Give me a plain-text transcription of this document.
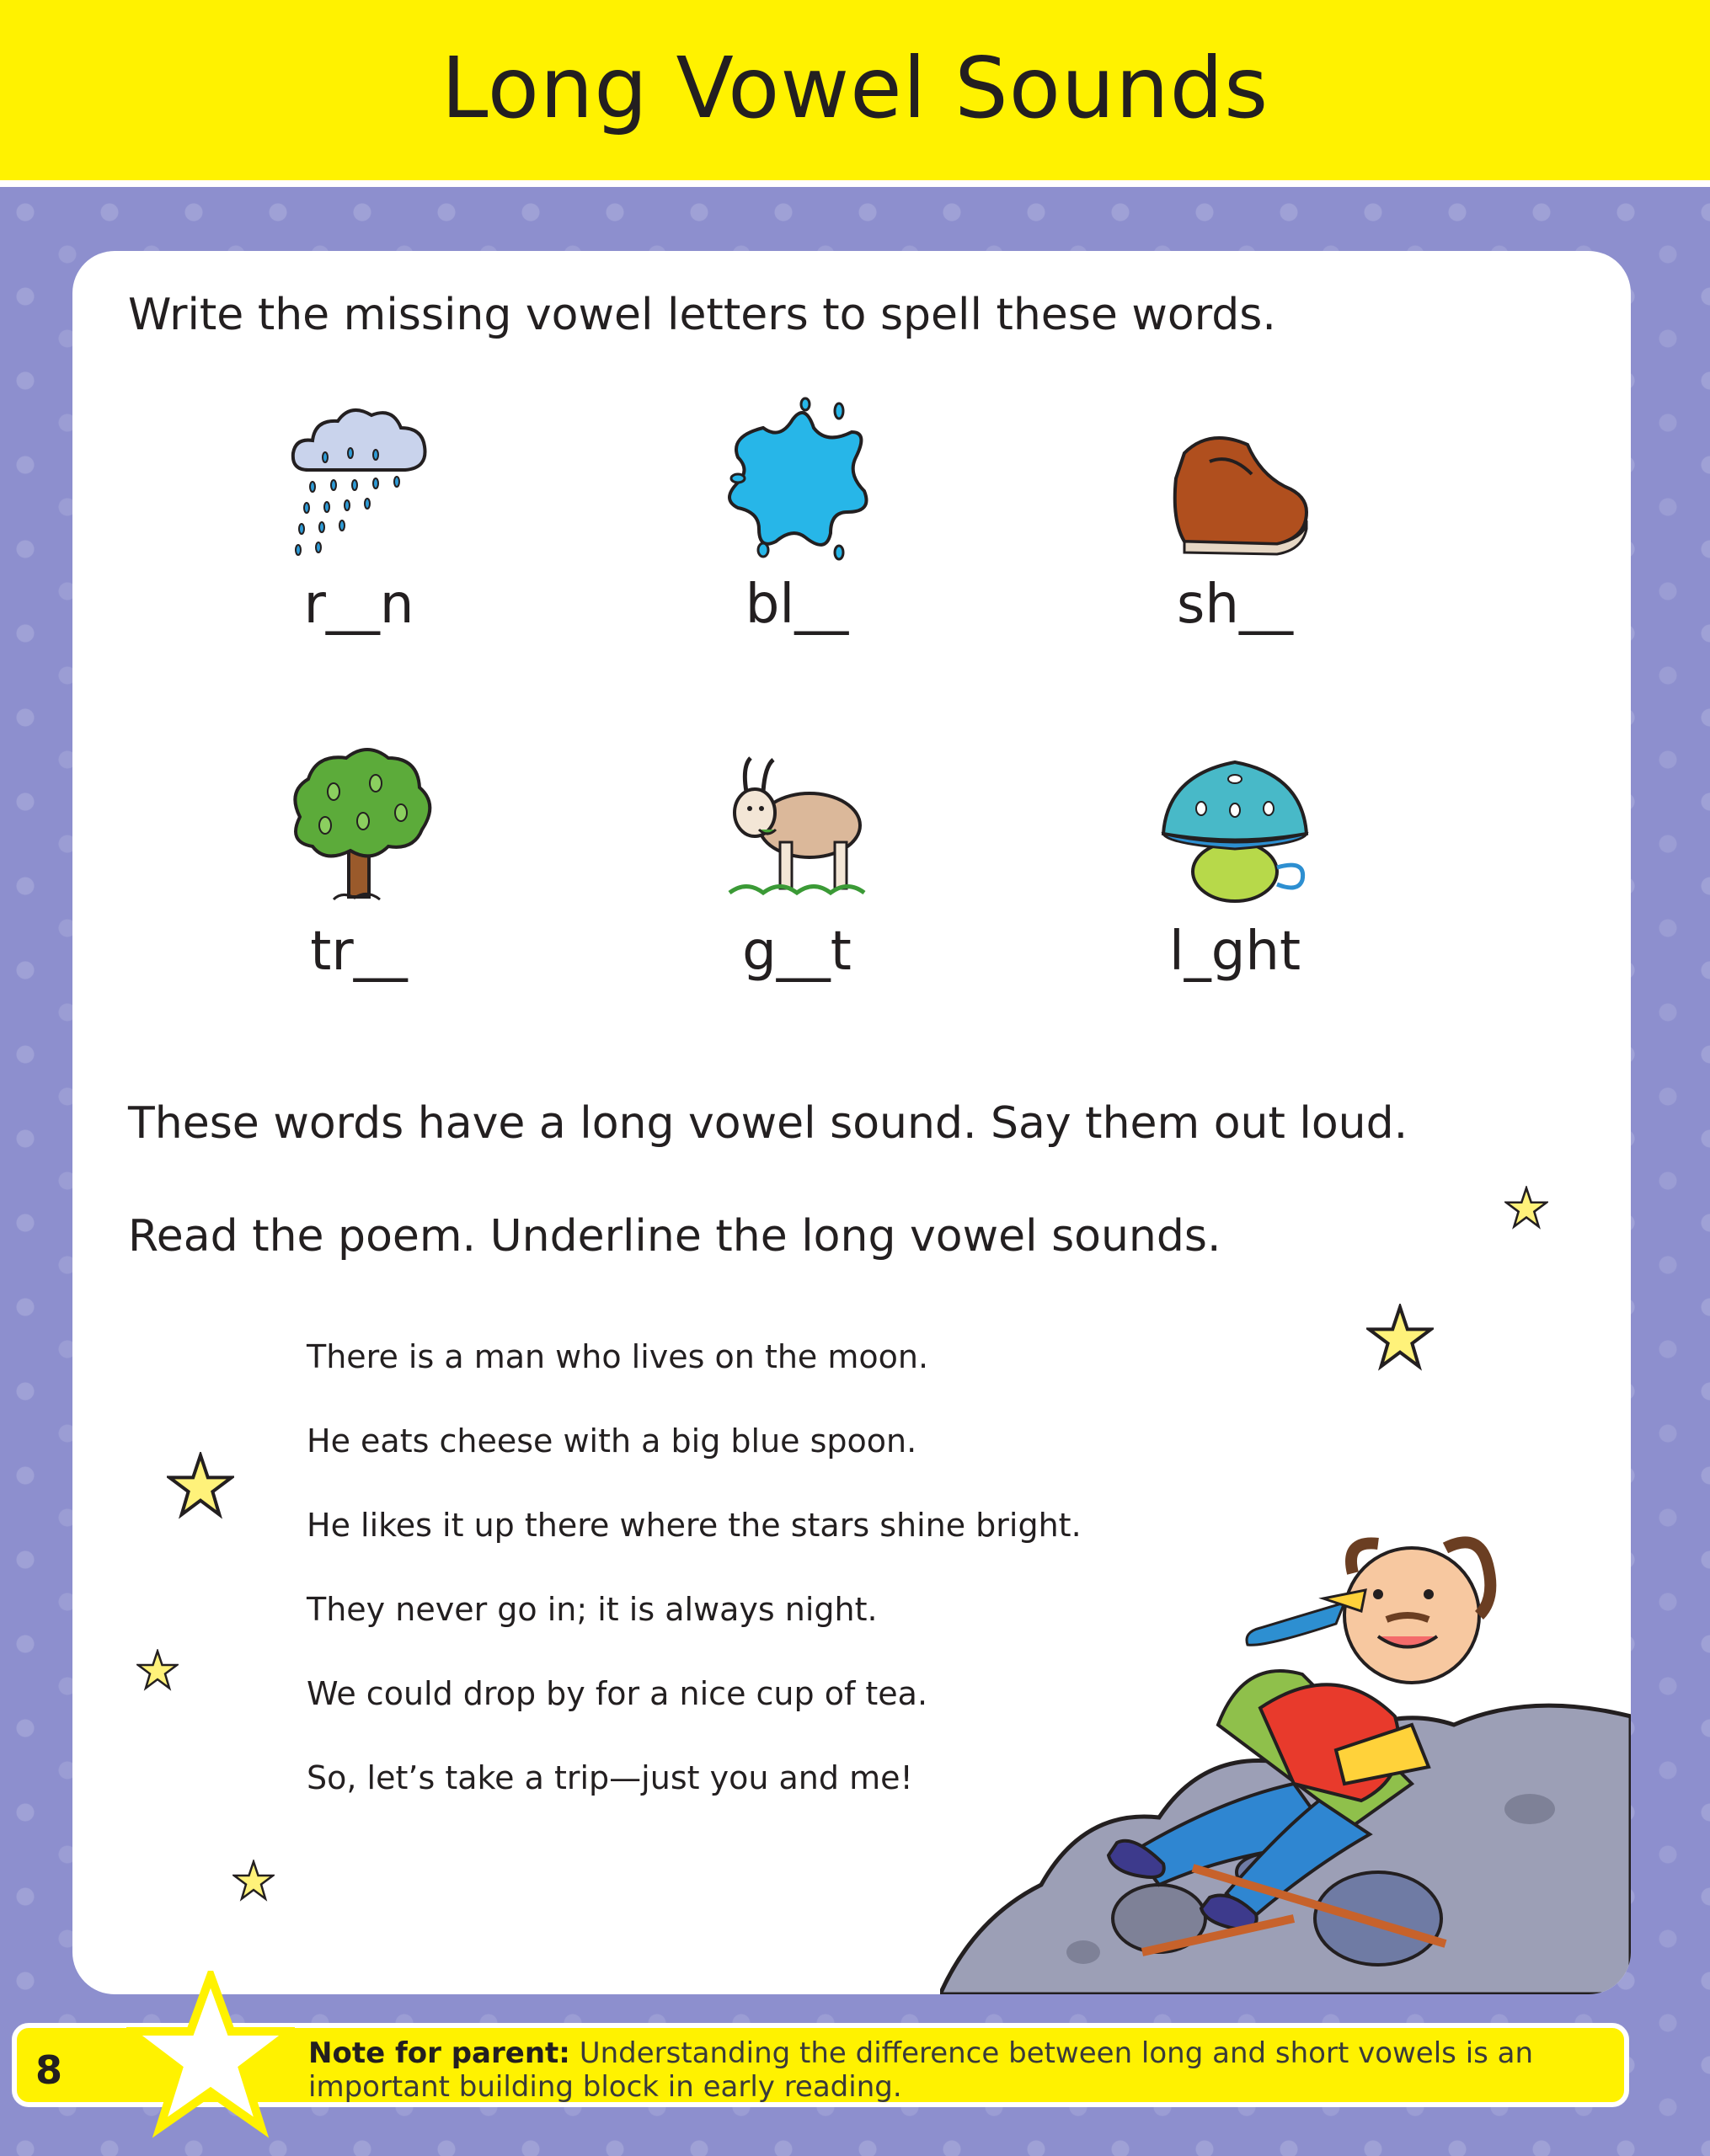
Long Vowel Sounds
Write the missing vowel letters to spell these words.
r__n	bl__	sh__
tr__	g__t	l_ght
These words have a long vowel sound. Say them out loud.
Read the poem. Underline the long vowel sounds.
There is a man who lives on the moon.
He eats cheese with a big blue spoon.
He likes it up there where the stars shine bright.
They never go in; it is always night.
We could drop by for a nice cup of tea.
So, let’s take a trip—just you and me!
8	Note for parent: Understanding the difference between long and short vowels is an important building block in early reading.
